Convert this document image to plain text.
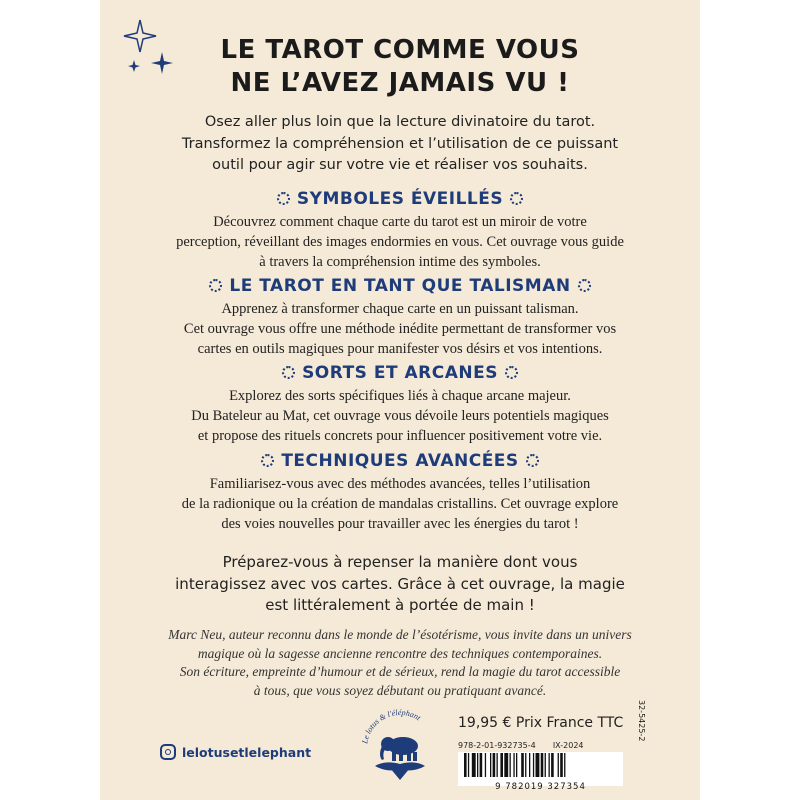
LE TAROT COMME VOUS
NE L’AVEZ JAMAIS VU !
Osez aller plus loin que la lecture divinatoire du tarot.
Transformez la compréhension et l’utilisation de ce puissant
outil pour agir sur votre vie et réaliser vos souhaits.
SYMBOLES ÉVEILLÉS
Découvrez comment chaque carte du tarot est un miroir de votre
perception, réveillant des images endormies en vous. Cet ouvrage vous guide
à travers la compréhension intime des symboles.
LE TAROT EN TANT QUE TALISMAN
Apprenez à transformer chaque carte en un puissant talisman.
Cet ouvrage vous offre une méthode inédite permettant de transformer vos
cartes en outils magiques pour manifester vos désirs et vos intentions.
SORTS ET ARCANES
Explorez des sorts spécifiques liés à chaque arcane majeur.
Du Bateleur au Mat, cet ouvrage vous dévoile leurs potentiels magiques
et propose des rituels concrets pour influencer positivement votre vie.
TECHNIQUES AVANCÉES
Familiarisez-vous avec des méthodes avancées, telles l’utilisation
de la radionique ou la création de mandalas cristallins. Cet ouvrage explore
des voies nouvelles pour travailler avec les énergies du tarot !
Préparez-vous à repenser la manière dont vous
interagissez avec vos cartes. Grâce à cet ouvrage, la magie
est littéralement à portée de main !
Marc Neu, auteur reconnu dans le monde de l’ésotérisme, vous invite dans un univers
magique où la sagesse ancienne rencontre des techniques contemporaines.
Son écriture, empreinte d’humour et de sérieux, rend la magie du tarot accessible
à tous, que vous soyez débutant ou pratiquant avancé.
Le lotus & l'éléphant	19,95 € Prix France TTC
978-2-01-932735-4 IX-2024
9 782019 327354
32-5425-2
lelotusetlelephant
